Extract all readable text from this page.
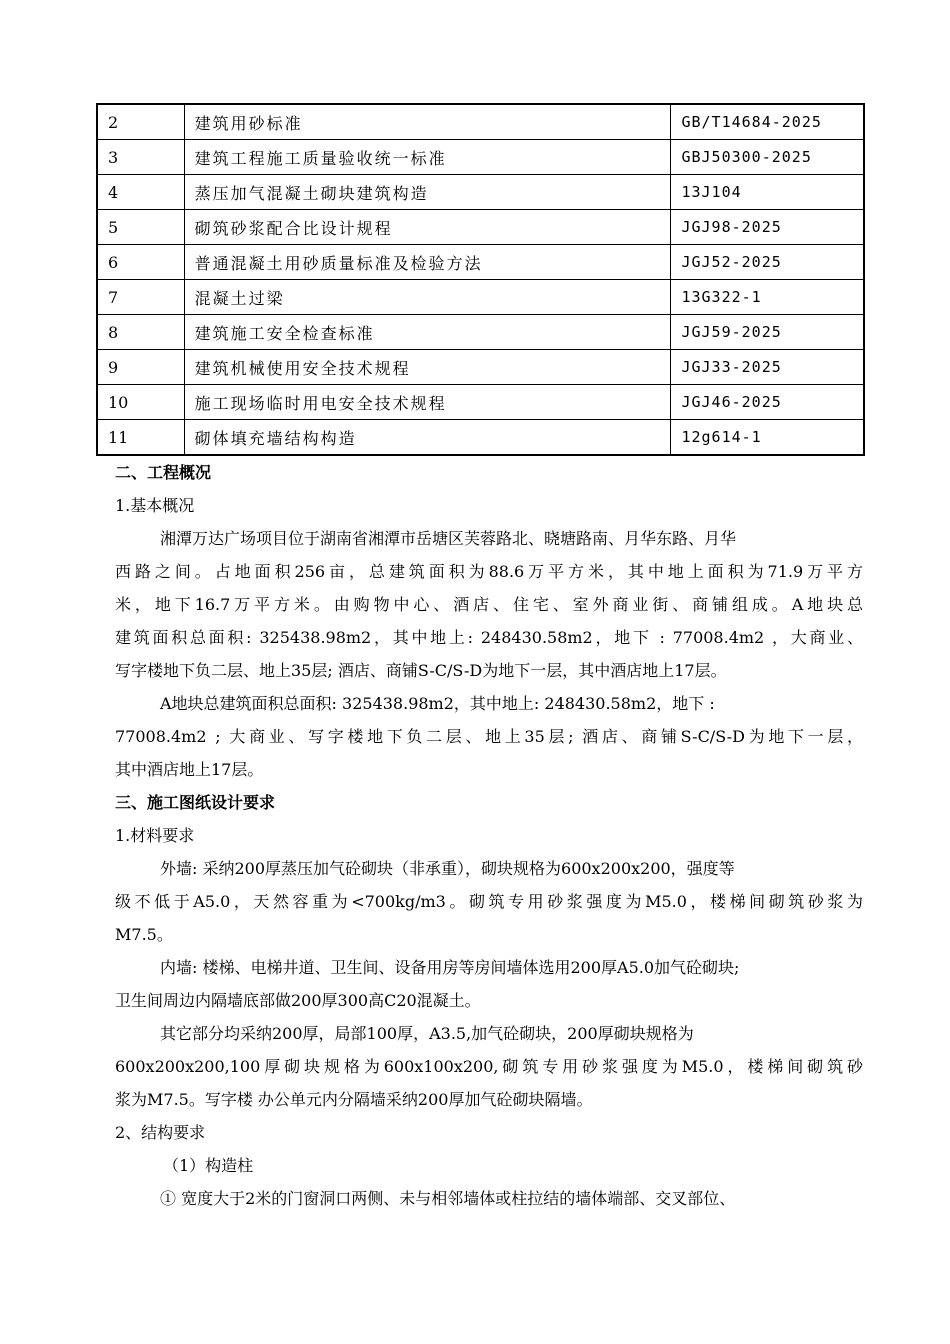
2	建筑用砂标准	GB/T14684-2025
3	建筑工程施工质量验收统一标准	GBJ50300-2025
4	蒸压加气混凝土砌块建筑构造	13J104
5	砌筑砂浆配合比设计规程	JGJ98-2025
6	普通混凝土用砂质量标准及检验方法	JGJ52-2025
7	混凝土过梁	13G322-1
8	建筑施工安全检查标准	JGJ59-2025
9	建筑机械使用安全技术规程	JGJ33-2025
10	施工现场临时用电安全技术规程	JGJ46-2025
11	砌体填充墙结构构造	12g614-1
二、工程概况
1.基本概况
湘潭万达广场项目位于湖南省湘潭市岳塘区芙蓉路北、晓塘路南、月华东路、月华
西路之间。占地面积256亩，总建筑面积为88.6万平方米，其中地上面积为71.9万平方
米，地下16.7万平方米。由购物中心、酒店、住宅、室外商业街、商铺组成。A地块总
建筑面积总面积: 325438.98m2，其中地上: 248430.58m2，地下 : 77008.4m2 ，大商业、
写字楼地下负二层、地上35层; 酒店、商铺S-C/S-D为地下一层，其中酒店地上17层。
A地块总建筑面积总面积: 325438.98m2，其中地上: 248430.58m2，地下 :
77008.4m2 ; 大商业、写字楼地下负二层、地上35层; 酒店、商铺S-C/S-D为地下一层，
其中酒店地上17层。
三、施工图纸设计要求
1.材料要求
外墙: 采纳200厚蒸压加气砼砌块（非承重），砌块规格为600x200x200，强度等
级不低于A5.0，天然容重为<700kg/m3。砌筑专用砂浆强度为M5.0，楼梯间砌筑砂浆为
M7.5。
内墙: 楼梯、电梯井道、卫生间、设备用房等房间墙体选用200厚A5.0加气砼砌块;
卫生间周边内隔墙底部做200厚300高C20混凝土。
其它部分均采纳200厚，局部100厚，A3.5,加气砼砌块，200厚砌块规格为
600x200x200,100厚砌块规格为600x100x200,砌筑专用砂浆强度为M5.0，楼梯间砌筑砂
浆为M7.5。写字楼 办公单元内分隔墙采纳200厚加气砼砌块隔墙。
2、结构要求
（1）构造柱
① 宽度大于2米的门窗洞口两侧、未与相邻墙体或柱拉结的墙体端部、交叉部位、
